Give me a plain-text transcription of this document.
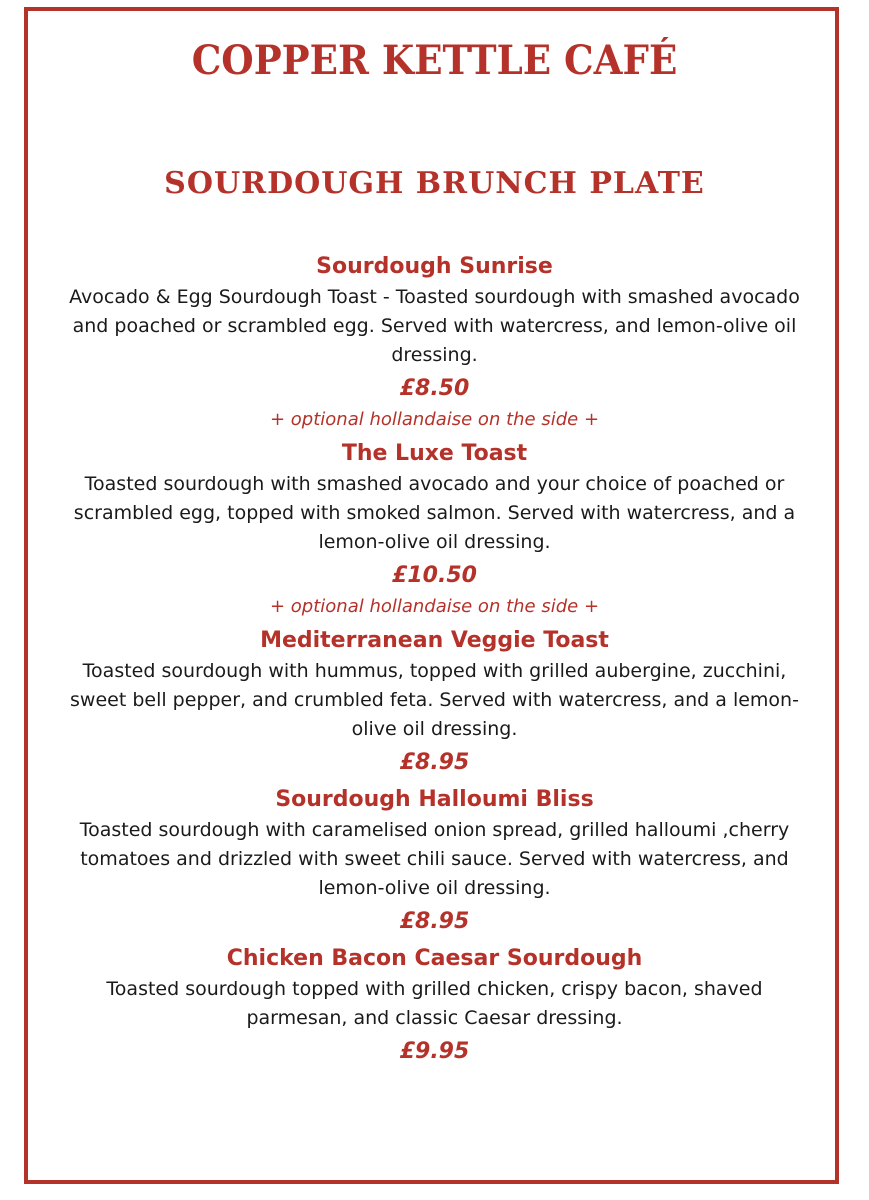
COPPER KETTLE CAFÉ
SOURDOUGH BRUNCH PLATE
Sourdough Sunrise
Avocado & Egg Sourdough Toast - Toasted sourdough with smashed avocado and poached or scrambled egg. Served with watercress, and lemon-olive oil dressing.
£8.50
+ optional hollandaise on the side +
The Luxe Toast
Toasted sourdough with smashed avocado and your choice of poached or scrambled egg, topped with smoked salmon. Served with watercress, and a lemon-olive oil dressing.
£10.50
+ optional hollandaise on the side +
Mediterranean Veggie Toast
Toasted sourdough with hummus, topped with grilled aubergine, zucchini, sweet bell pepper, and crumbled feta. Served with watercress, and a lemon-olive oil dressing.
£8.95
Sourdough Halloumi Bliss
Toasted sourdough with caramelised onion spread, grilled halloumi ,cherry tomatoes and drizzled with sweet chili sauce. Served with watercress, and lemon-olive oil dressing.
£8.95
Chicken Bacon Caesar Sourdough
Toasted sourdough topped with grilled chicken, crispy bacon, shaved parmesan, and classic Caesar dressing.
£9.95
